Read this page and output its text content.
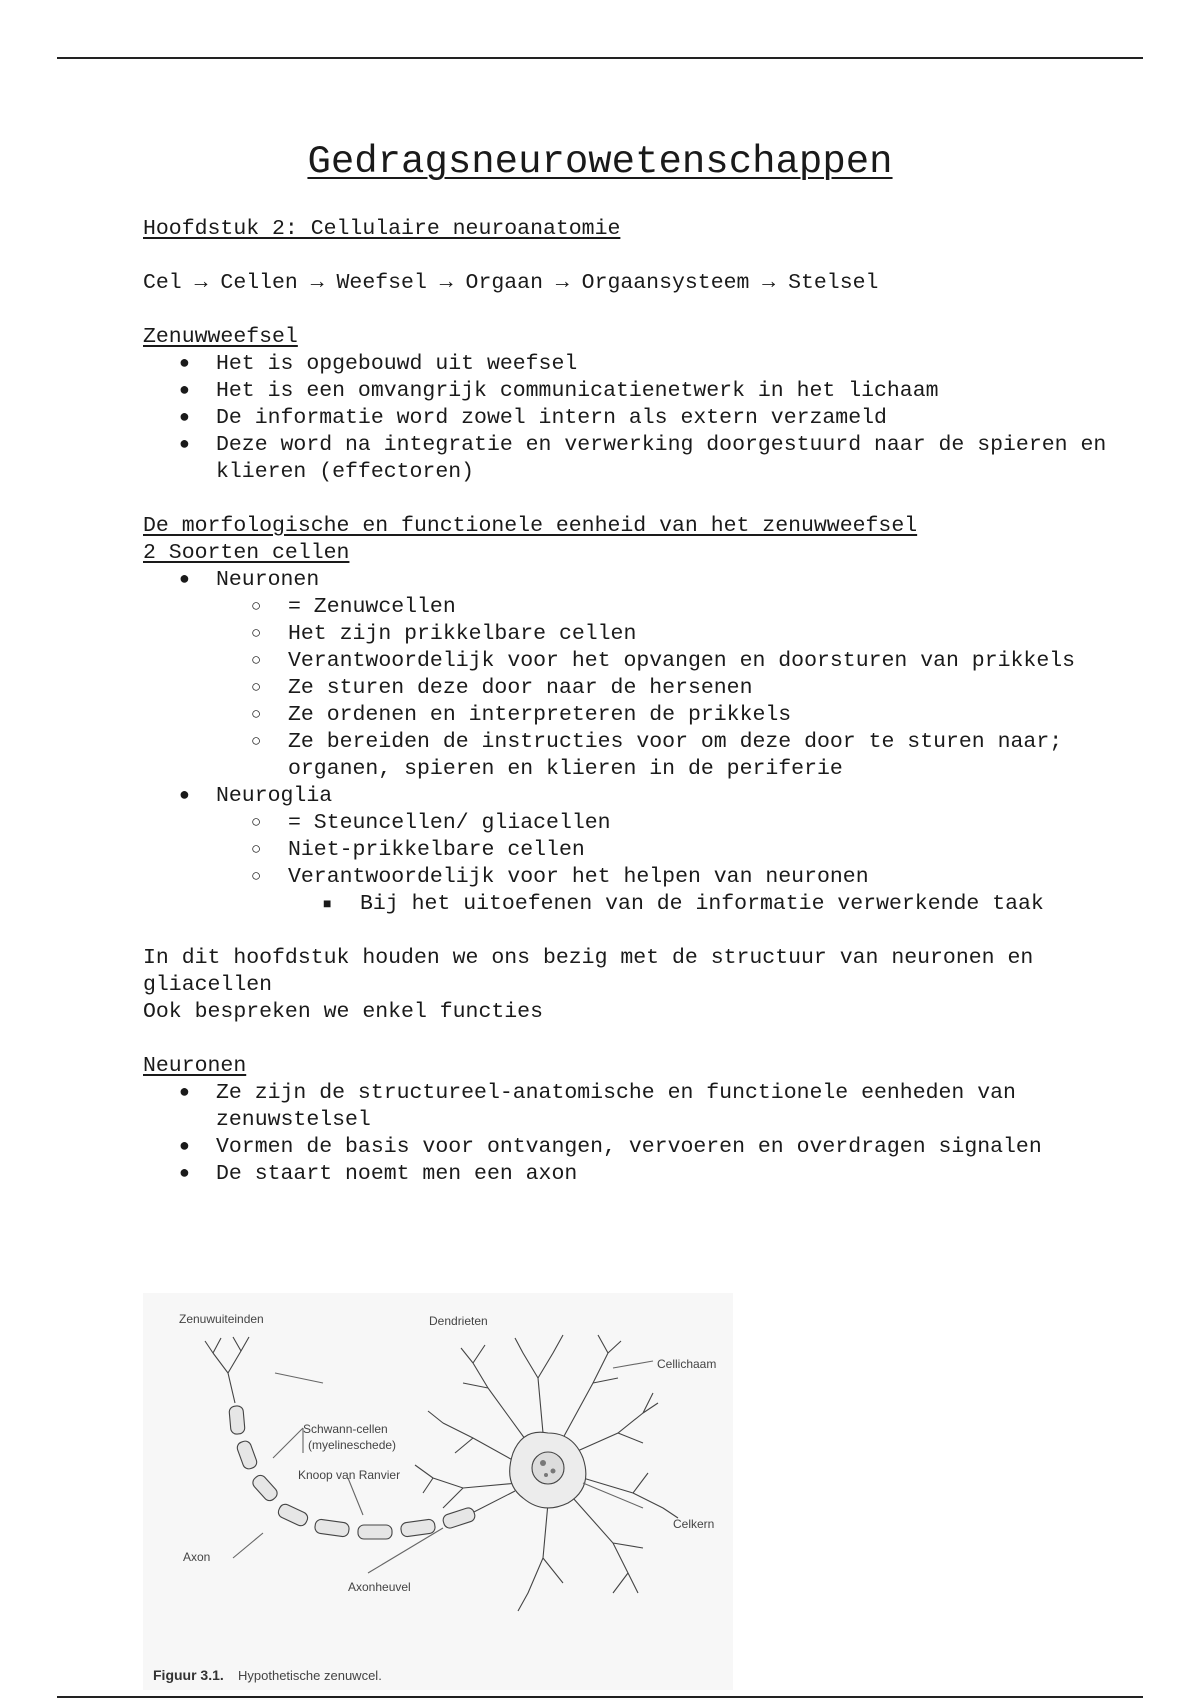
Gedragsneurowetenschappen
Hoofdstuk 2: Cellulaire neuroanatomie
Cel → Cellen → Weefsel → Orgaan → Orgaansysteem → Stelsel
Zenuwweefsel
● Het is opgebouwd uit weefsel
● Het is een omvangrijk communicatienetwerk in het lichaam
● De informatie word zowel intern als extern verzameld
● Deze word na integratie en verwerking doorgestuurd naar de spieren en klieren (effectoren)
De morfologische en functionele eenheid van het zenuwweefsel
2 Soorten cellen
● Neuronen
○ = Zenuwcellen
○ Het zijn prikkelbare cellen
○ Verantwoordelijk voor het opvangen en doorsturen van prikkels
○ Ze sturen deze door naar de hersenen
○ Ze ordenen en interpreteren de prikkels
○ Ze bereiden de instructies voor om deze door te sturen naar; organen, spieren en klieren in de periferie
● Neuroglia
○ = Steuncellen/ gliacellen
○ Niet-prikkelbare cellen
○ Verantwoordelijk voor het helpen van neuronen
■ Bij het uitoefenen van de informatie verwerkende taak
In dit hoofdstuk houden we ons bezig met de structuur van neuronen en gliacellen
Ook bespreken we enkel functies
Neuronen
● Ze zijn de structureel-anatomische en functionele eenheden van zenuwstelsel
● Vormen de basis voor ontvangen, vervoeren en overdragen signalen
● De staart noemt men een axon
Zenuwuiteinden	Dendrieten
Cellichaam
Schwann-cellen
(myelineschede)
Knoop van Ranvier
Celkern
Axon
Axonheuvel
Figuur 3.1. Hypothetische zenuwcel.
